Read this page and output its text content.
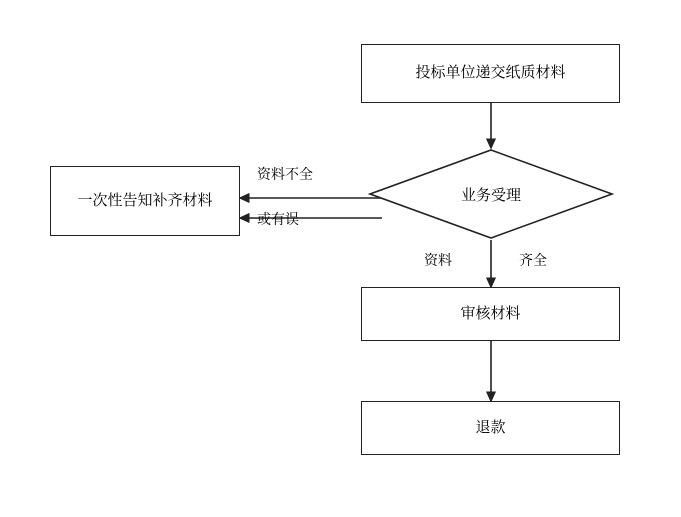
投标单位递交纸质材料
业务受理
一次性告知补齐材料
审核材料
退款
资料不全
或有误
资料	齐全
